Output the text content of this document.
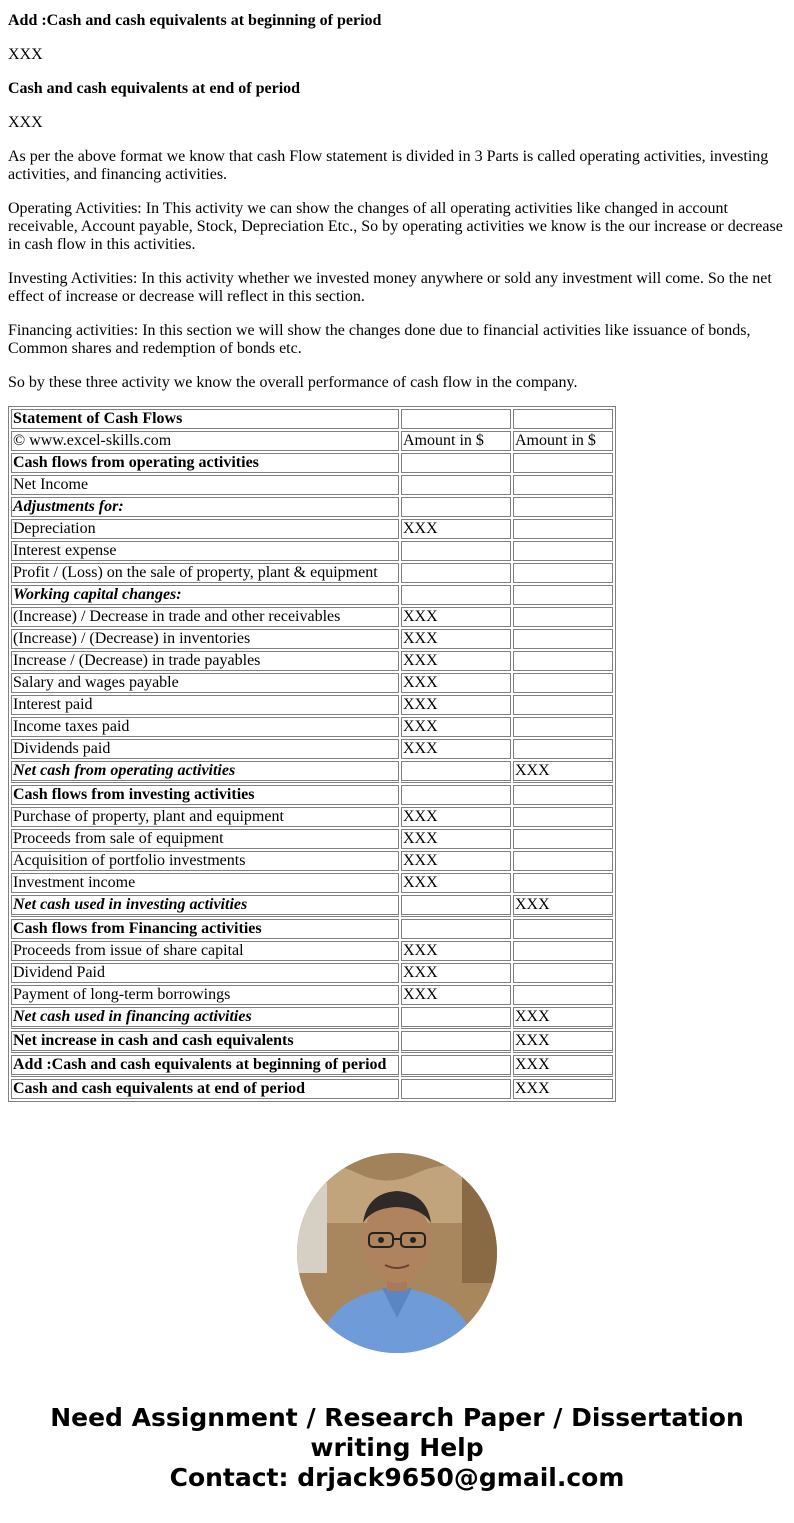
Add :Cash and cash equivalents at beginning of period

XXX

Cash and cash equivalents at end of period

XXX

As per the above format we know that cash Flow statement is divided in 3 Parts is called operating activities, investing activities, and financing activities.

Operating Activities: In This activity we can show the changes of all operating activities like changed in account receivable, Account payable, Stock, Depreciation Etc., So by operating activities we know is the our increase or decrease in cash flow in this activities.

Investing Activities: In this activity whether we invested money anywhere or sold any investment will come. So the net effect of increase or decrease will reflect in this section.

Financing activities: In this section we will show the changes done due to financial activities like issuance of bonds, Common shares and redemption of bonds etc.

So by these three activity we know the overall performance of cash flow in the company.

Statement of Cash Flows		
© www.excel-skills.com	Amount in $	Amount in $
Cash flows from operating activities		
Net Income		
Adjustments for:		
Depreciation	XXX	
Interest expense		
Profit / (Loss) on the sale of property, plant & equipment		
Working capital changes:		
(Increase) / Decrease in trade and other receivables	XXX	
(Increase) / (Decrease) in inventories	XXX	
Increase / (Decrease) in trade payables	XXX	
Salary and wages payable	XXX	
Interest paid	XXX	
Income taxes paid	XXX	
Dividends paid	XXX	
Net cash from operating activities		XXX
Cash flows from investing activities		
Purchase of property, plant and equipment	XXX	
Proceeds from sale of equipment	XXX	
Acquisition of portfolio investments	XXX	
Investment income	XXX	
Net cash used in investing activities		XXX
Cash flows from Financing activities		
Proceeds from issue of share capital	XXX	
Dividend Paid	XXX	
Payment of long-term borrowings	XXX	
Net cash used in financing activities		XXX
Net increase in cash and cash equivalents		XXX
Add :Cash and cash equivalents at beginning of period		XXX
Cash and cash equivalents at end of period		XXX
Need Assignment / Research Paper / Dissertation
writing Help
Contact: drjack9650@gmail.com
